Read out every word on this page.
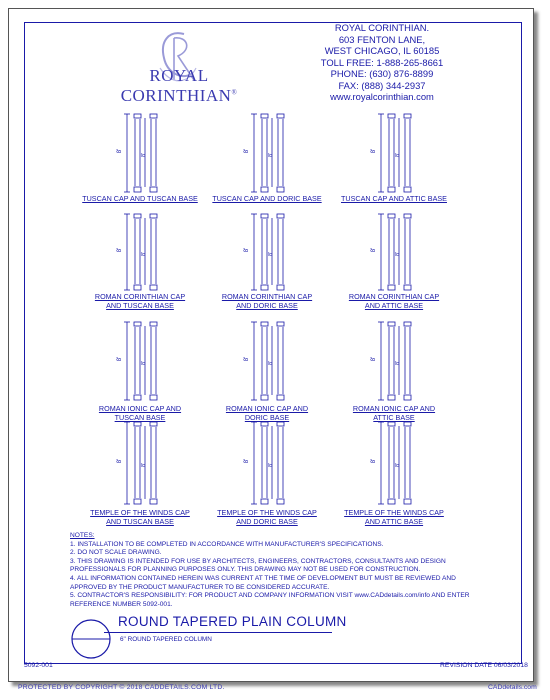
ROYAL CORINTHIAN®
ROYAL CORINTHIAN.
603 FENTON LANE,
WEST CHICAGO, IL 60185
TOLL FREE: 1-888-265-8661
PHONE: (630) 876-8899
FAX: (888) 344-2937
www.royalcorinthian.com
8'
8'
TUSCAN CAP AND TUSCAN BASE
8'
8'
TUSCAN CAP AND DORIC BASE
8'
8'
TUSCAN CAP AND ATTIC BASE
8'
8'
ROMAN CORINTHIAN CAP
AND TUSCAN BASE
8'
8'
ROMAN CORINTHIAN CAP
AND DORIC BASE
8'
8'
ROMAN CORINTHIAN CAP
AND ATTIC BASE
8'
8'
ROMAN IONIC CAP AND
TUSCAN BASE
8'
8'
ROMAN IONIC CAP AND
DORIC BASE
8'
8'
ROMAN IONIC CAP AND
ATTIC BASE
8'
8'
TEMPLE OF THE WINDS CAP
AND TUSCAN BASE
8'
8'
TEMPLE OF THE WINDS CAP
AND DORIC BASE
8'
8'
TEMPLE OF THE WINDS CAP
AND ATTIC BASE
NOTES:
1. INSTALLATION TO BE COMPLETED IN ACCORDANCE WITH MANUFACTURER'S SPECIFICATIONS.
2. DO NOT SCALE DRAWING.
3. THIS DRAWING IS INTENDED FOR USE BY ARCHITECTS, ENGINEERS, CONTRACTORS, CONSULTANTS AND DESIGN
PROFESSIONALS FOR PLANNING PURPOSES ONLY. THIS DRAWING MAY NOT BE USED FOR CONSTRUCTION.
4. ALL INFORMATION CONTAINED HEREIN WAS CURRENT AT THE TIME OF DEVELOPMENT BUT MUST BE REVIEWED AND
APPROVED BY THE PRODUCT MANUFACTURER TO BE CONSIDERED ACCURATE.
5. CONTRACTOR'S RESPONSIBILITY: FOR PRODUCT AND COMPANY INFORMATION VISIT www.CADdetails.com/info AND ENTER
REFERENCE NUMBER 5092-001.
ROUND TAPERED PLAIN COLUMN
6" ROUND TAPERED COLUMN
5092-001	REVISION DATE 06/03/2018
PROTECTED BY COPYRIGHT © 2018 CADDETAILS.COM LTD.	CADdetails.com
